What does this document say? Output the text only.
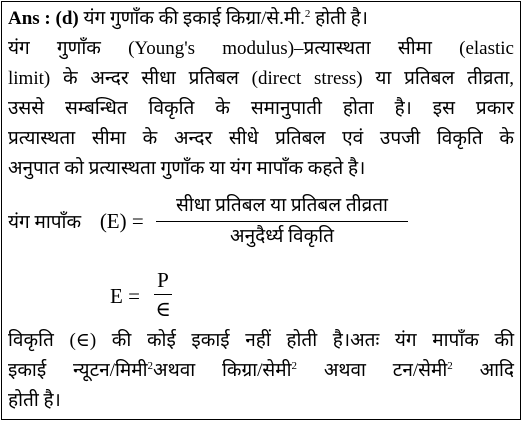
Ans : (d) यंग गुणाँक की इकाई किग्रा/से.मी.$^2$ होती है।
यंग गुणाँक (Young's modulus)–प्रत्यास्थता सीमा (elastic
limit) के अन्दर सीधा प्रतिबल (direct stress) या प्रतिबल तीव्रता,
उससे सम्बन्धित विकृति के समानुपाती होता है। इस प्रकार
प्रत्यास्थता सीमा के अन्दर सीधे प्रतिबल एवं उपजी विकृति के
अनुपात को प्रत्यास्थता गुणाँक या यंग मापाँक कहते है।
यंग मापाँक (E) =
सीधा प्रतिबल या प्रतिबल तीव्रता
अनुदैर्ध्य विकृति
E =
P
∈
विकृति (∈) की कोई इकाई नहीं होती है।अतः यंग मापाँक की
इकाई न्यूटन/मिमी$^2$अथवा किग्रा/सेमी$^2$ अथवा टन/सेमी$^2$ आदि
होती है।
